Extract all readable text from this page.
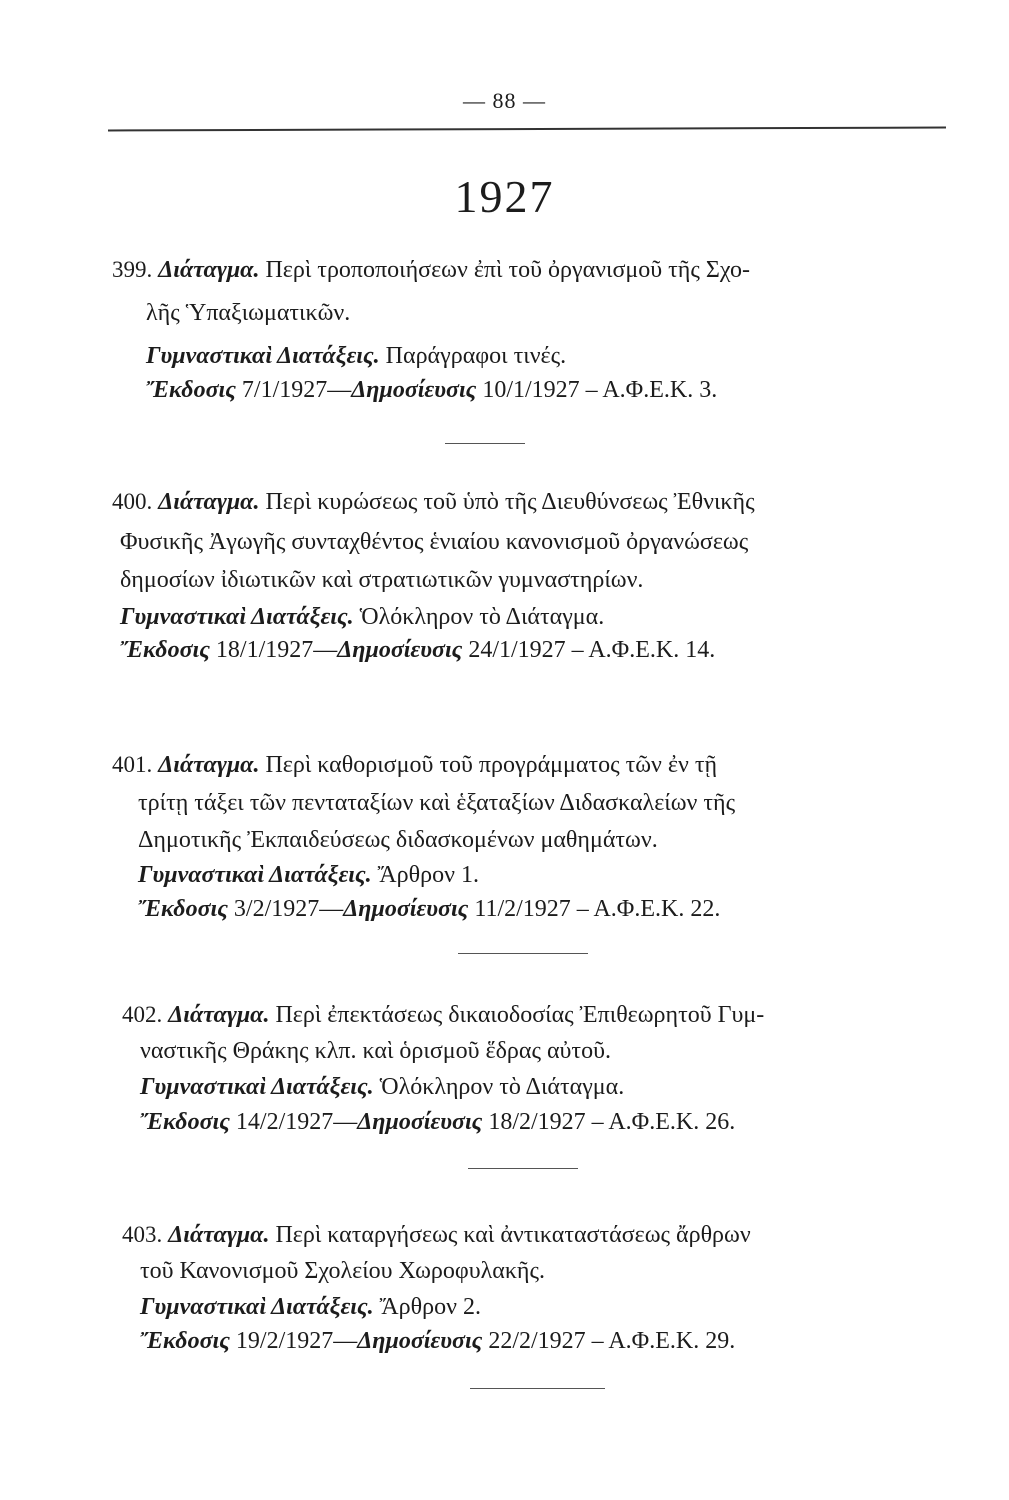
— 88 —
1927
399. Διάταγμα. Περὶ τροποποιήσεων ἐπὶ τοῦ ὀργανισμοῦ τῆς Σχο-
λῆς Ὑπαξιωματικῶν.
Γυμναστικαὶ Διατάξεις. Παράγραφοι τινές.
Ἔκδοσις 7/1/1927—Δημοσίευσις 10/1/1927 – Α.Φ.Ε.Κ. 3.
400. Διάταγμα. Περὶ κυρώσεως τοῦ ὑπὸ τῆς Διευθύνσεως Ἐθνικῆς
Φυσικῆς Ἀγωγῆς συνταχθέντος ἑνιαίου κανονισμοῦ ὀργανώσεως
δημοσίων ἰδιωτικῶν καὶ στρατιωτικῶν γυμναστηρίων.
Γυμναστικαὶ Διατάξεις. Ὁλόκληρον τὸ Διάταγμα.
Ἔκδοσις 18/1/1927—Δημοσίευσις 24/1/1927 – Α.Φ.Ε.Κ. 14.
401. Διάταγμα. Περὶ καθορισμοῦ τοῦ προγράμματος τῶν ἐν τῇ
τρίτῃ τάξει τῶν πενταταξίων καὶ ἑξαταξίων Διδασκαλείων τῆς
Δημοτικῆς Ἐκπαιδεύσεως διδασκομένων μαθημάτων.
Γυμναστικαὶ Διατάξεις. Ἄρθρον 1.
Ἔκδοσις 3/2/1927—Δημοσίευσις 11/2/1927 – Α.Φ.Ε.Κ. 22.
402. Διάταγμα. Περὶ ἐπεκτάσεως δικαιοδοσίας Ἐπιθεωρητοῦ Γυμ-
ναστικῆς Θράκης κλπ. καὶ ὁρισμοῦ ἕδρας αὐτοῦ.
Γυμναστικαὶ Διατάξεις. Ὁλόκληρον τὸ Διάταγμα.
Ἔκδοσις 14/2/1927—Δημοσίευσις 18/2/1927 – Α.Φ.Ε.Κ. 26.
403. Διάταγμα. Περὶ καταργήσεως καὶ ἀντικαταστάσεως ἄρθρων
τοῦ Κανονισμοῦ Σχολείου Χωροφυλακῆς.
Γυμναστικαὶ Διατάξεις. Ἄρθρον 2.
Ἔκδοσις 19/2/1927—Δημοσίευσις 22/2/1927 – Α.Φ.Ε.Κ. 29.
